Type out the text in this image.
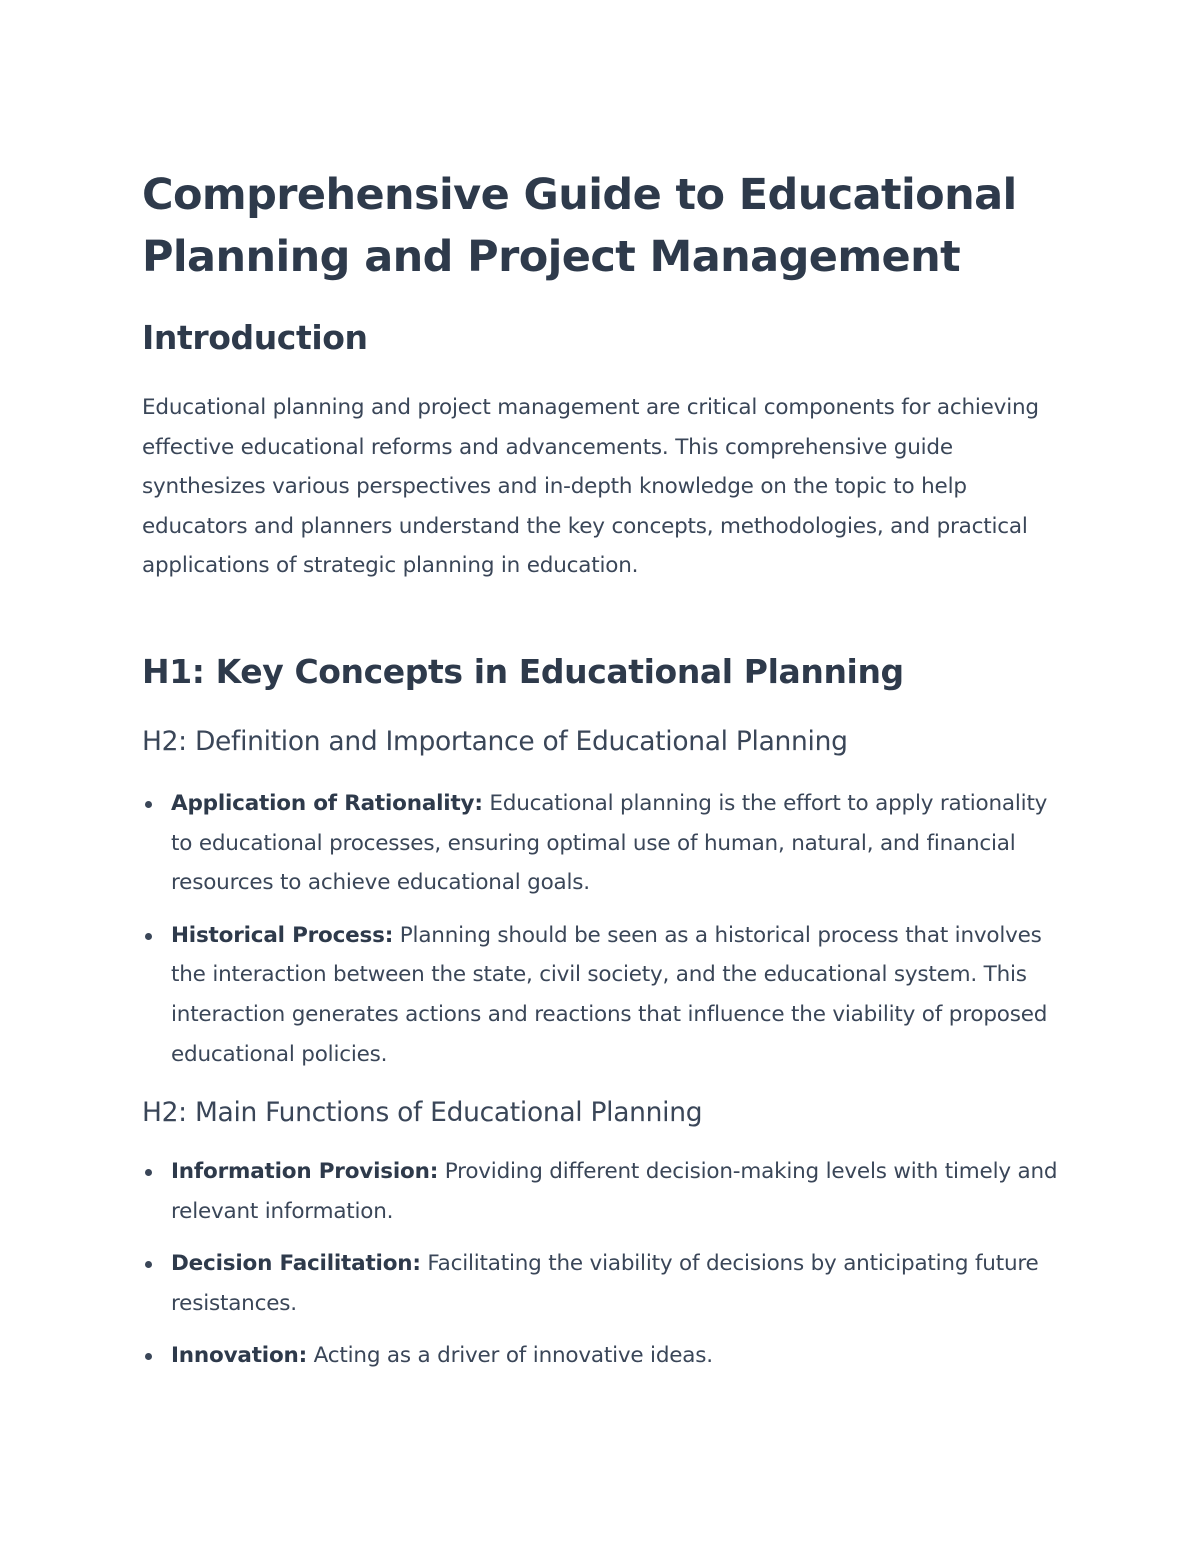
Comprehensive Guide to Educational Planning and Project Management
Introduction

Educational planning and project management are critical components for achieving effective educational reforms and advancements. This comprehensive guide synthesizes various perspectives and in-depth knowledge on the topic to help educators and planners understand the key concepts, methodologies, and practical applications of strategic planning in education.

H1: Key Concepts in Educational Planning
H2: Definition and Importance of Educational Planning
Application of Rationality: Educational planning is the effort to apply rationality to educational processes, ensuring optimal use of human, natural, and financial resources to achieve educational goals.
Historical Process: Planning should be seen as a historical process that involves the interaction between the state, civil society, and the educational system. This interaction generates actions and reactions that influence the viability of proposed educational policies.
H2: Main Functions of Educational Planning
Information Provision: Providing different decision-making levels with timely and relevant information.
Decision Facilitation: Facilitating the viability of decisions by anticipating future resistances.
Innovation: Acting as a driver of innovative ideas.
